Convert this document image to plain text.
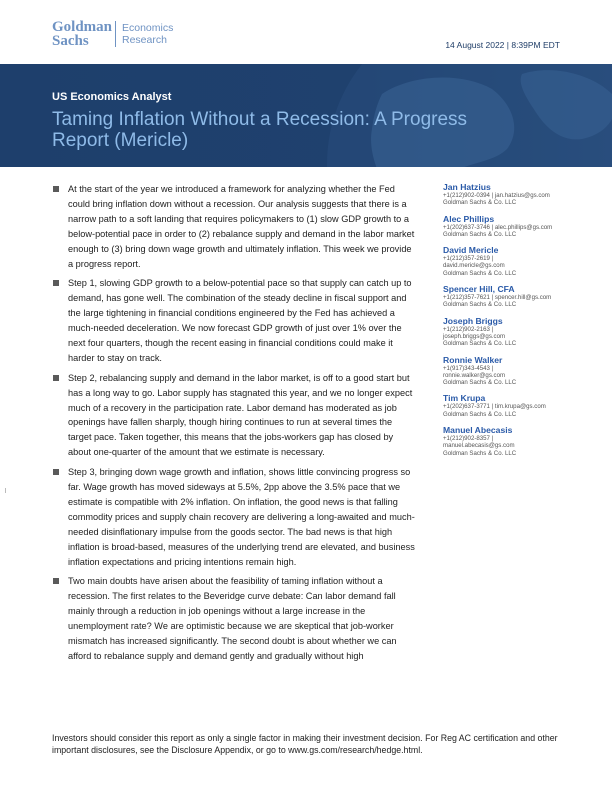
Goldman
Sachs
Economics
Research	14 August 2022 | 8:39PM EDT
US Economics Analyst
Taming Inflation Without a Recession: A Progress Report (Mericle)
At the start of the year we introduced a framework for analyzing whether the Fed could bring inflation down without a recession. Our analysis suggests that there is a narrow path to a soft landing that requires policymakers to (1) slow GDP growth to a below-potential pace in order to (2) rebalance supply and demand in the labor market enough to (3) bring down wage growth and ultimately inflation. This week we provide a progress report.
Step 1, slowing GDP growth to a below-potential pace so that supply can catch up to demand, has gone well. The combination of the steady decline in fiscal support and the large tightening in financial conditions engineered by the Fed has achieved a much-needed deceleration. We now forecast GDP growth of just over 1% over the next four quarters, though the recent easing in financial conditions could make it harder to stay on track.
Step 2, rebalancing supply and demand in the labor market, is off to a good start but has a long way to go. Labor supply has stagnated this year, and we no longer expect much of a recovery in the participation rate. Labor demand has moderated as job openings have fallen sharply, though hiring continues to run at several times the target pace. Taken together, this means that the jobs-workers gap has closed by about one-quarter of the amount that we estimate is necessary.
Step 3, bringing down wage growth and inflation, shows little convincing progress so far. Wage growth has moved sideways at 5.5%, 2pp above the 3.5% pace that we estimate is compatible with 2% inflation. On inflation, the good news is that falling commodity prices and supply chain recovery are delivering a long-awaited and much-needed disinflationary impulse from the goods sector. The bad news is that high inflation is broad-based, measures of the underlying trend are elevated, and business inflation expectations and pricing intentions remain high.
Two main doubts have arisen about the feasibility of taming inflation without a recession. The first relates to the Beveridge curve debate: Can labor demand fall mainly through a reduction in job openings without a large increase in the unemployment rate? We are optimistic because we are skeptical that job-worker mismatch has increased significantly. The second doubt is about whether we can afford to rebalance supply and demand gently and gradually without high
Jan Hatzius
+1(212)902-0394 | jan.hatzius@gs.com
Goldman Sachs & Co. LLC
Alec Phillips
+1(202)637-3746 | alec.phillips@gs.com
Goldman Sachs & Co. LLC
David Mericle
+1(212)357-2619 |
david.mericle@gs.com
Goldman Sachs & Co. LLC
Spencer Hill, CFA
+1(212)357-7621 | spencer.hill@gs.com
Goldman Sachs & Co. LLC
Joseph Briggs
+1(212)902-2163 |
joseph.briggs@gs.com
Goldman Sachs & Co. LLC
Ronnie Walker
+1(917)343-4543 |
ronnie.walker@gs.com
Goldman Sachs & Co. LLC
Tim Krupa
+1(202)637-3771 | tim.krupa@gs.com
Goldman Sachs & Co. LLC
Manuel Abecasis
+1(212)902-8357 |
manuel.abecasis@gs.com
Goldman Sachs & Co. LLC
Investors should consider this report as only a single factor in making their investment decision. For Reg AC certification and other important disclosures, see the Disclosure Appendix, or go to www.gs.com/research/hedge.html.
